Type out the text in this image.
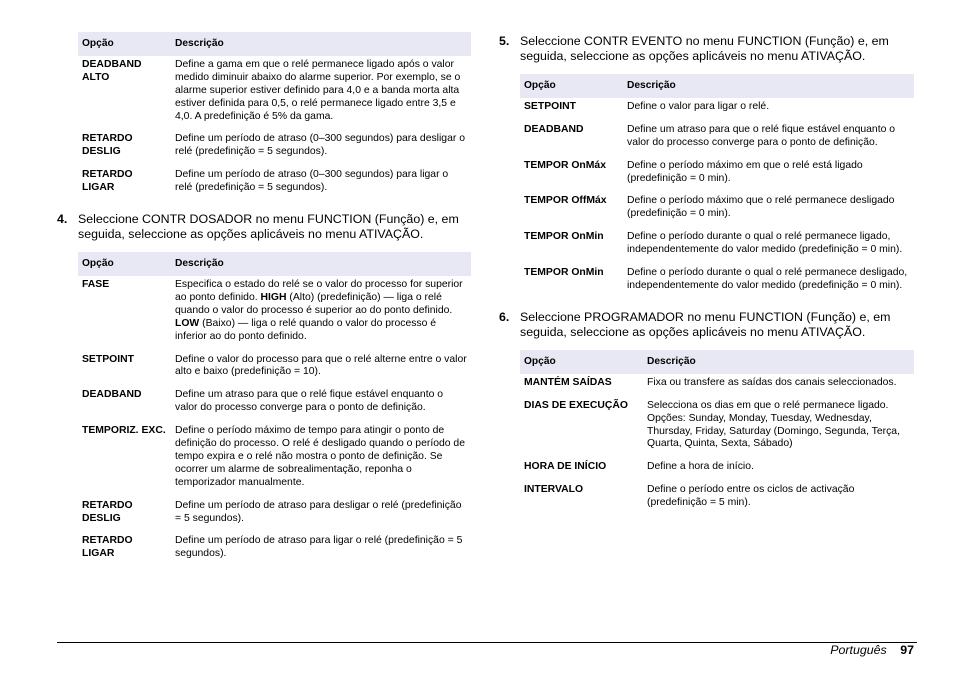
Opção	Descrição
DEADBAND ALTO	Define a gama em que o relé permanece ligado após o valor medido diminuir abaixo do alarme superior. Por exemplo, se o alarme superior estiver definido para 4,0 e a banda morta alta estiver definida para 0,5, o relé permanece ligado entre 3,5 e 4,0. A predefinição é 5% da gama.
RETARDO DESLIG	Define um período de atraso (0–300 segundos) para desligar o relé (predefinição = 5 segundos).
RETARDO LIGAR	Define um período de atraso (0–300 segundos) para ligar o relé (predefinição = 5 segundos).
4. Seleccione CONTR DOSADOR no menu FUNCTION (Função) e, em seguida, seleccione as opções aplicáveis no menu ATIVAÇÃO.
Opção	Descrição
FASE	Especifica o estado do relé se o valor do processo for superior ao ponto definido. HIGH (Alto) (predefinição) — liga o relé quando o valor do processo é superior ao do ponto definido. LOW (Baixo) — liga o relé quando o valor do processo é inferior ao do ponto definido.
SETPOINT	Define o valor do processo para que o relé alterne entre o valor alto e baixo (predefinição = 10).
DEADBAND	Define um atraso para que o relé fique estável enquanto o valor do processo converge para o ponto de definição.
TEMPORIZ. EXC.	Define o período máximo de tempo para atingir o ponto de definição do processo. O relé é desligado quando o período de tempo expira e o relé não mostra o ponto de definição. Se ocorrer um alarme de sobrealimentação, reponha o temporizador manualmente.
RETARDO DESLIG	Define um período de atraso para desligar o relé (predefinição = 5 segundos).
RETARDO LIGAR	Define um período de atraso para ligar o relé (predefinição = 5 segundos).
5. Seleccione CONTR EVENTO no menu FUNCTION (Função) e, em seguida, seleccione as opções aplicáveis no menu ATIVAÇÃO.
Opção	Descrição
SETPOINT	Define o valor para ligar o relé.
DEADBAND	Define um atraso para que o relé fique estável enquanto o valor do processo converge para o ponto de definição.
TEMPOR OnMáx	Define o período máximo em que o relé está ligado (predefinição = 0 min).
TEMPOR OffMáx	Define o período máximo que o relé permanece desligado (predefinição = 0 min).
TEMPOR OnMin	Define o período durante o qual o relé permanece ligado, independentemente do valor medido (predefinição = 0 min).
TEMPOR OnMin	Define o período durante o qual o relé permanece desligado, independentemente do valor medido (predefinição = 0 min).
6. Seleccione PROGRAMADOR no menu FUNCTION (Função) e, em seguida, seleccione as opções aplicáveis no menu ATIVAÇÃO.
Opção	Descrição
MANTÉM SAÍDAS	Fixa ou transfere as saídas dos canais seleccionados.
DIAS DE EXECUÇÃO	Selecciona os dias em que o relé permanece ligado. Opções: Sunday, Monday, Tuesday, Wednesday, Thursday, Friday, Saturday (Domingo, Segunda, Terça, Quarta, Quinta, Sexta, Sábado)
HORA DE INÍCIO	Define a hora de início.
INTERVALO	Define o período entre os ciclos de activação (predefinição = 5 min).
Português 97
